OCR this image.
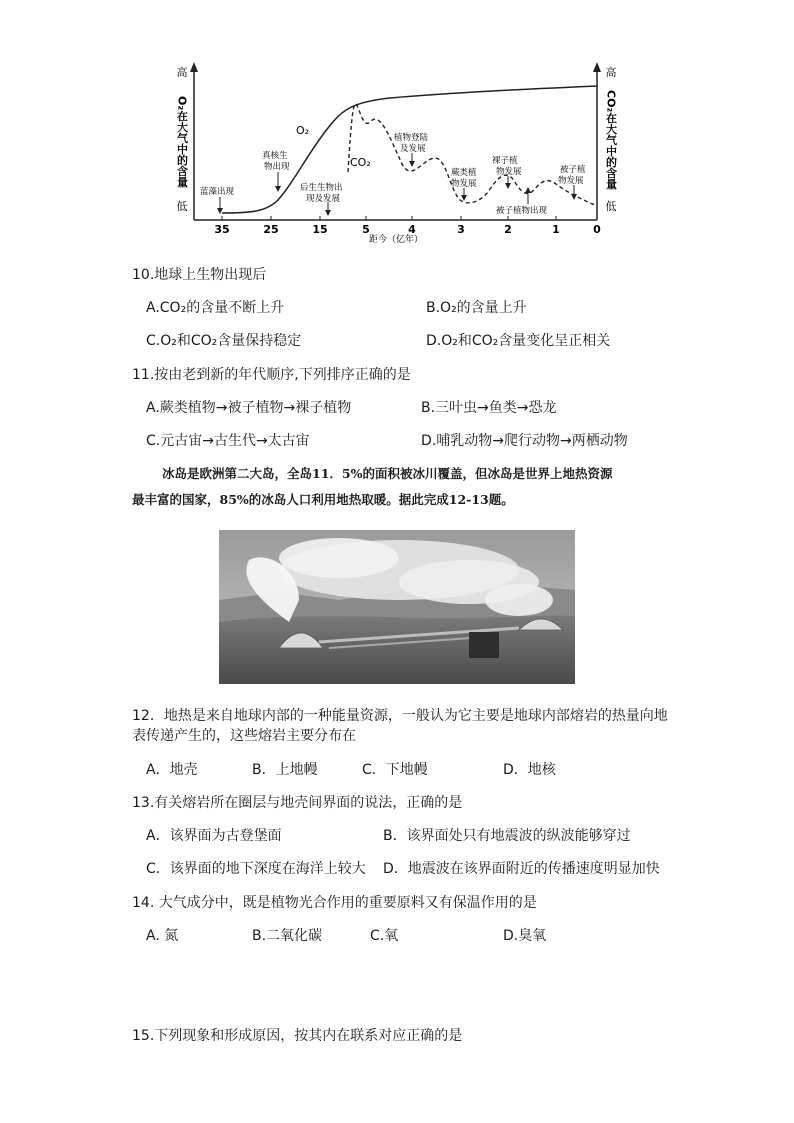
35	25	15	5	4	3	2	1	0
距今（亿年）
高
O₂在大气中的含量
低
高
CO₂在大气中的含量
低
O₂
CO₂
蓝藻出现
真核生
物出现
后生生物出
现及发展
植物登陆
及发展
蕨类植
物发展
裸子植
物发展	被子植
物发展
被子植物出现
10.地球上生物出现后
A.CO₂的含量不断上升	B.O₂的含量上升
C.O₂和CO₂含量保持稳定	D.O₂和CO₂含量变化呈正相关
11.按由老到新的年代顺序,下列排序正确的是
A.蕨类植物→被子植物→裸子植物	B.三叶虫→鱼类→恐龙
C.元古宙→古生代→太古宙	D.哺乳动物→爬行动物→两栖动物
冰岛是欧洲第二大岛，全岛11．5%的面积被冰川覆盖，但冰岛是世界上地热资源
最丰富的国家，85%的冰岛人口利用地热取暖。据此完成12-13题。
12．地热是来自地球内部的一种能量资源，一般认为它主要是地球内部熔岩的热量向地
表传递产生的，这些熔岩主要分布在
A．地壳	B．上地幔	C．下地幔	D．地核
13.有关熔岩所在圈层与地壳间界面的说法，正确的是
A．该界面为古登堡面	B．该界面处只有地震波的纵波能够穿过
C．该界面的地下深度在海洋上较大 D．地震波在该界面附近的传播速度明显加快
14. 大气成分中，既是植物光合作用的重要原料又有保温作用的是
A. 氮	B.二氧化碳	C.氧	D.臭氧
15.下列现象和形成原因，按其内在联系对应正确的是
